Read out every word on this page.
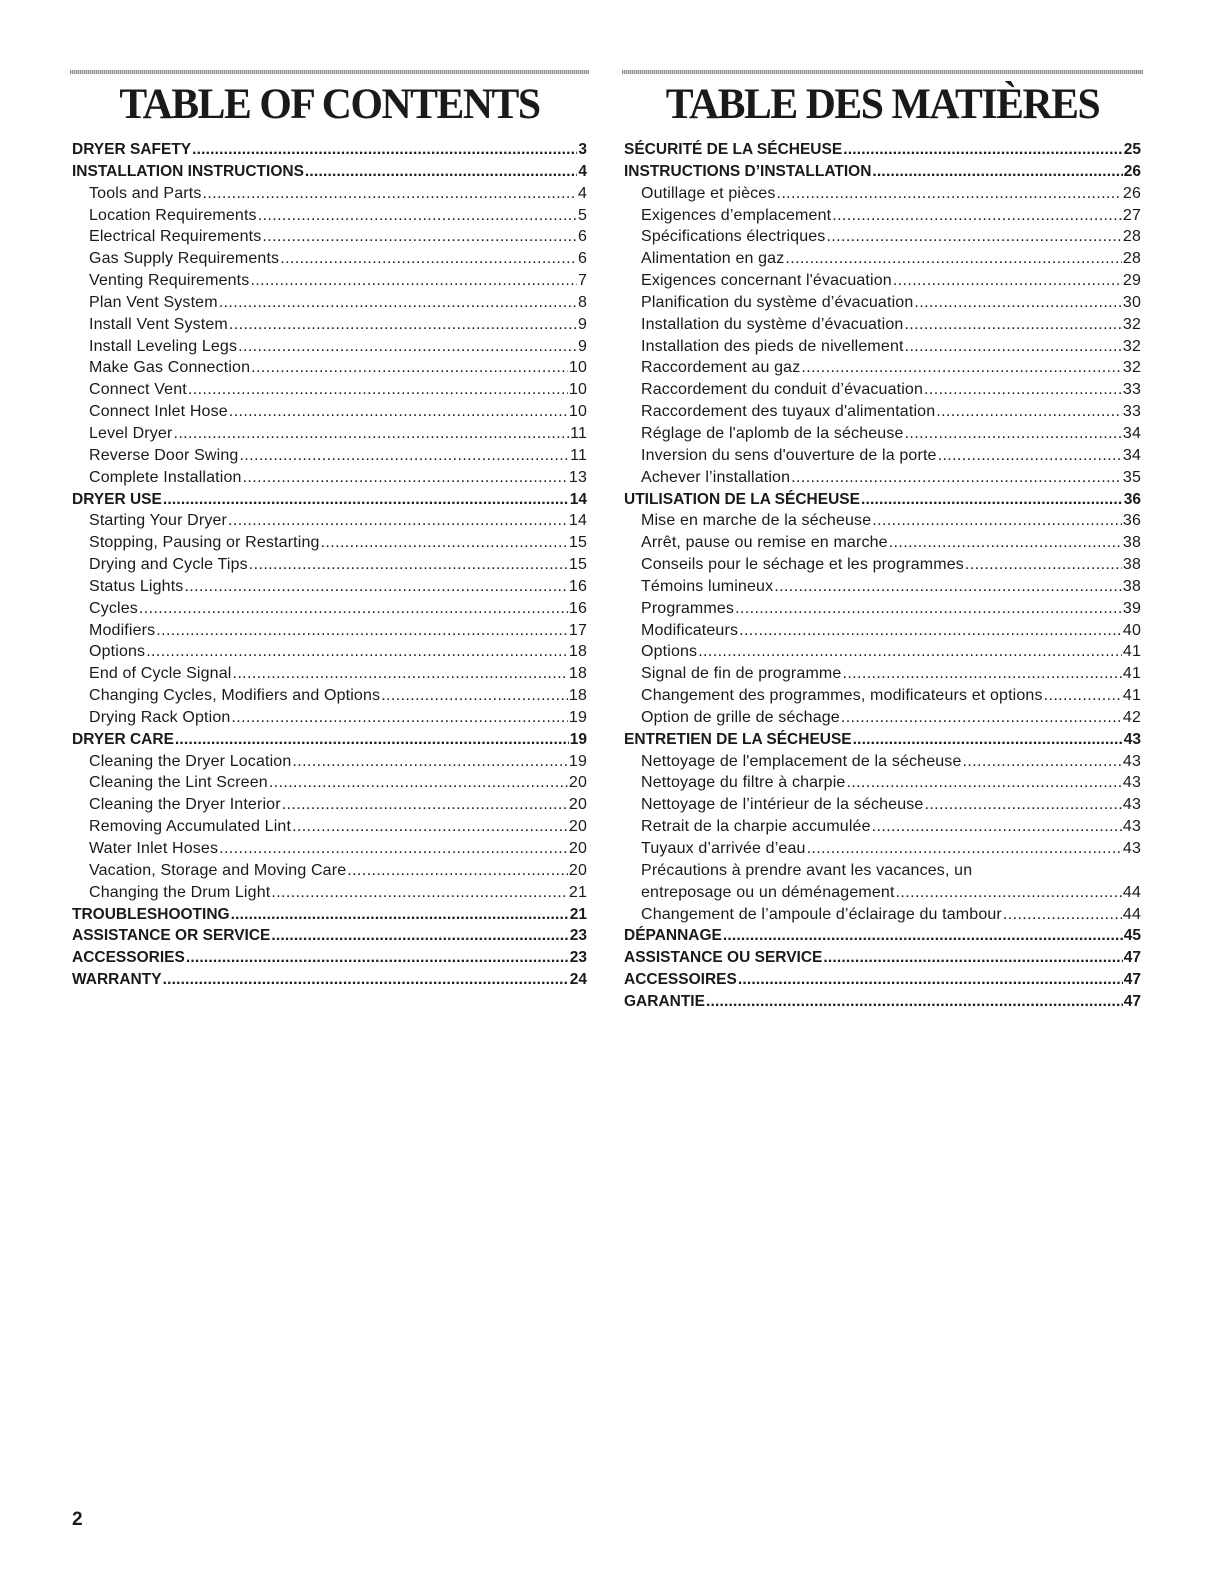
TABLE OF CONTENTS
DRYER SAFETY .....	3
INSTALLATION INSTRUCTIONS .....	4
Tools and Parts .....	4
Location Requirements .....	5
Electrical Requirements .....	6
Gas Supply Requirements .....	6
Venting Requirements .....	7
Plan Vent System .....	8
Install Vent System .....	9
Install Leveling Legs .....	9
Make Gas Connection .....	10
Connect Vent .....	10
Connect Inlet Hose .....	10
Level Dryer .....	11
Reverse Door Swing .....	11
Complete Installation .....	13
DRYER USE .....	14
Starting Your Dryer .....	14
Stopping, Pausing or Restarting .....	15
Drying and Cycle Tips .....	15
Status Lights .....	16
Cycles .....	16
Modifiers .....	17
Options .....	18
End of Cycle Signal .....	18
Changing Cycles, Modifiers and Options .....	18
Drying Rack Option .....	19
DRYER CARE .....	19
Cleaning the Dryer Location .....	19
Cleaning the Lint Screen .....	20
Cleaning the Dryer Interior .....	20
Removing Accumulated Lint .....	20
Water Inlet Hoses .....	20
Vacation, Storage and Moving Care .....	20
Changing the Drum Light .....	21
TROUBLESHOOTING .....	21
ASSISTANCE OR SERVICE .....	23
ACCESSORIES .....	23
WARRANTY .....	24
TABLE DES MATIÈRES
SÉCURITÉ DE LA SÉCHEUSE .....	25
INSTRUCTIONS D’INSTALLATION .....	26
Outillage et pièces .....	26
Exigences d’emplacement .....	27
Spécifications électriques .....	28
Alimentation en gaz .....	28
Exigences concernant l'évacuation .....	29
Planification du système d’évacuation .....	30
Installation du système d’évacuation .....	32
Installation des pieds de nivellement .....	32
Raccordement au gaz .....	32
Raccordement du conduit d’évacuation .....	33
Raccordement des tuyaux d'alimentation .....	33
Réglage de l'aplomb de la sécheuse .....	34
Inversion du sens d'ouverture de la porte .....	34
Achever l’installation .....	35
UTILISATION DE LA SÉCHEUSE .....	36
Mise en marche de la sécheuse .....	36
Arrêt, pause ou remise en marche .....	38
Conseils pour le séchage et les programmes .....	38
Témoins lumineux .....	38
Programmes .....	39
Modificateurs .....	40
Options .....	41
Signal de fin de programme .....	41
Changement des programmes, modificateurs et options .....	41
Option de grille de séchage .....	42
ENTRETIEN DE LA SÉCHEUSE .....	43
Nettoyage de l'emplacement de la sécheuse .....	43
Nettoyage du filtre à charpie .....	43
Nettoyage de l’intérieur de la sécheuse .....	43
Retrait de la charpie accumulée .....	43
Tuyaux d’arrivée d’eau .....	43
Précautions à prendre avant les vacances, un
entreposage ou un déménagement .....	44
Changement de l’ampoule d’éclairage du tambour .....	44
DÉPANNAGE .....	45
ASSISTANCE OU SERVICE .....	47
ACCESSOIRES .....	47
GARANTIE .....	47
2
